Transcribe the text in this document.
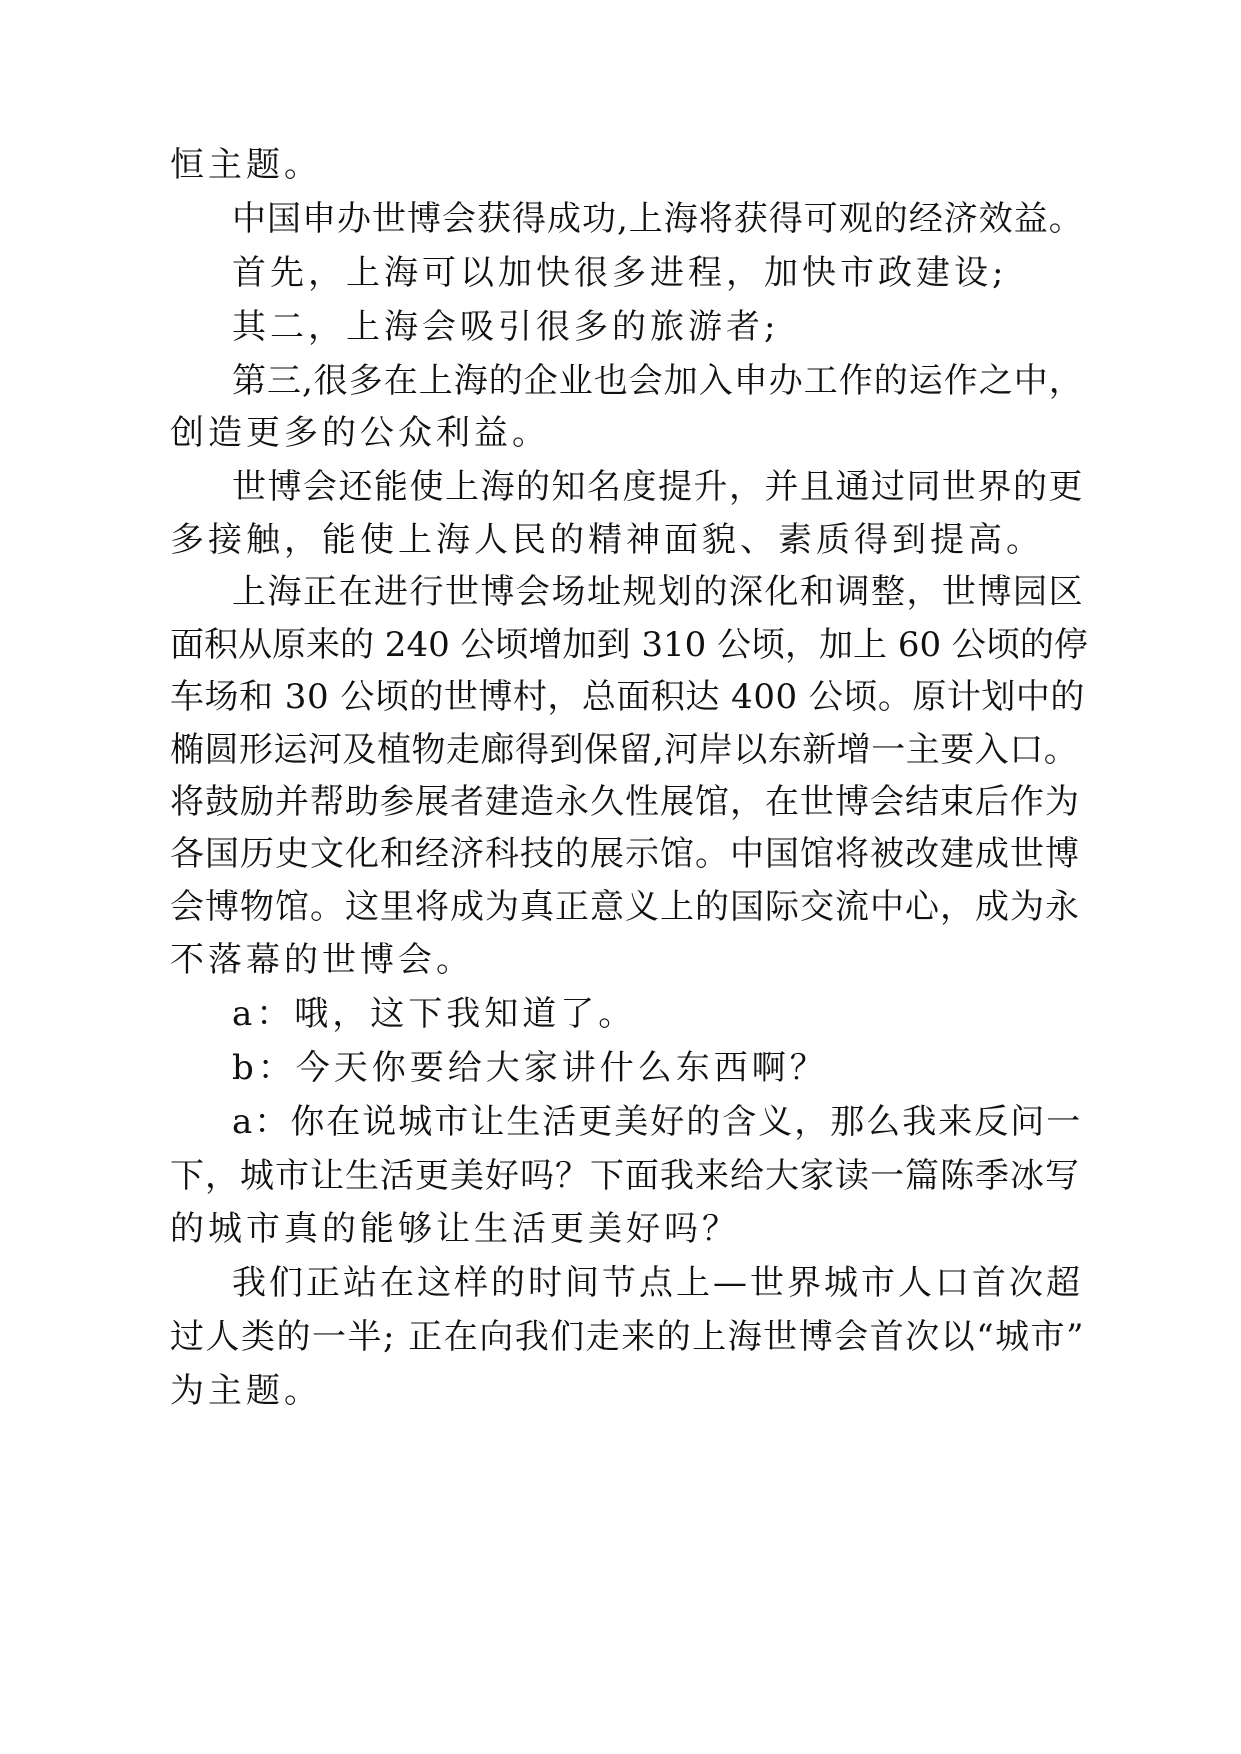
恒主题。
中国申办世博会获得成功,上海将获得可观的经济效益。
首先，上海可以加快很多进程，加快市政建设;
其二，上海会吸引很多的旅游者;
第三,很多在上海的企业也会加入申办工作的运作之中，
创造更多的公众利益。
世博会还能使上海的知名度提升，并且通过同世界的更
多接触，能使上海人民的精神面貌、素质得到提高。
上海正在进行世博会场址规划的深化和调整，世博园区
面积从原来的 240 公顷增加到 310 公顷，加上 60 公顷的停
车场和 30 公顷的世博村，总面积达 400 公顷。原计划中的
椭圆形运河及植物走廊得到保留,河岸以东新增一主要入口。
将鼓励并帮助参展者建造永久性展馆，在世博会结束后作为
各国历史文化和经济科技的展示馆。中国馆将被改建成世博
会博物馆。这里将成为真正意义上的国际交流中心，成为永
不落幕的世博会。
a：哦，这下我知道了。
b：今天你要给大家讲什么东西啊？
a：你在说城市让生活更美好的含义，那么我来反问一
下，城市让生活更美好吗？下面我来给大家读一篇陈季冰写
的城市真的能够让生活更美好吗？
我们正站在这样的时间节点上—世界城市人口首次超
过人类的一半; 正在向我们走来的上海世博会首次以“城市”
为主题。
